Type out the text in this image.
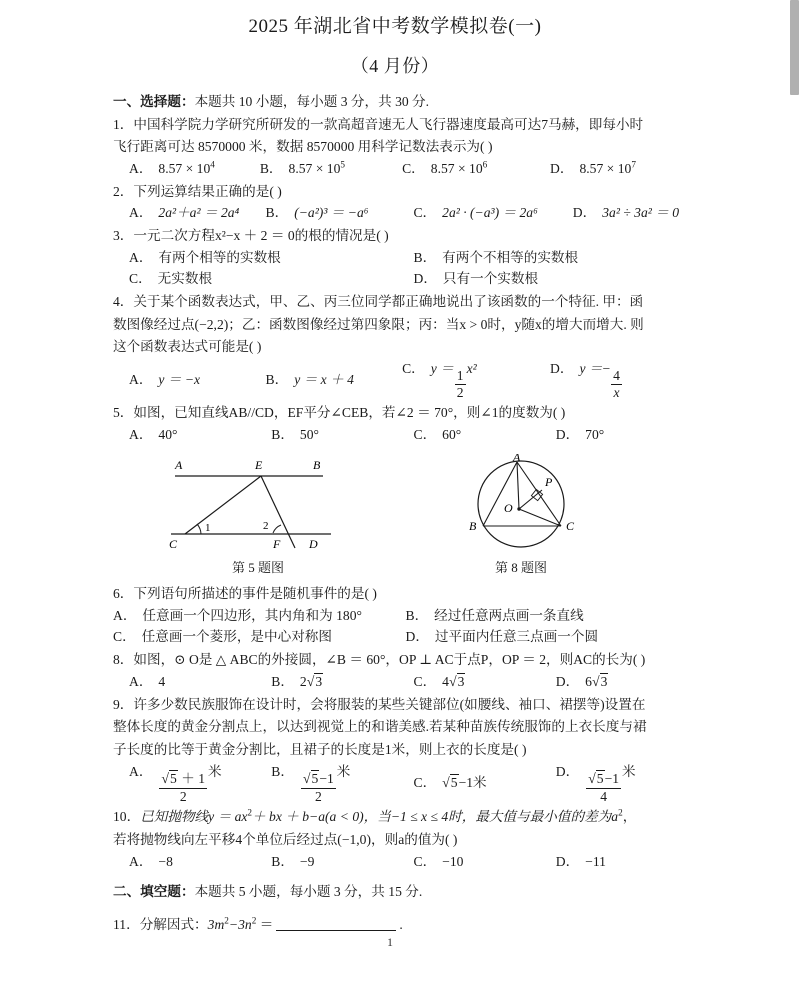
2025 年湖北省中考数学模拟卷(一)
（4 月份）
一、选择题：本题共 10 小题，每小题 3 分，共 30 分.
1．中国科学院力学研究所研发的一款高超音速无人飞行器速度最高可达7马赫，即每小时
飞行距离可达 8570000 米，数据 8570000 用科学记数法表示为( )
A． $8.57 \times 10^4$	B． $8.57 \times 10^5$	C． $8.57 \times 10^6$	D． $8.57 \times 10^7$
2．下列运算结果正确的是( )
A． 2a²＋a² ＝ 2a⁴	B． (−a²)³ ＝ −a⁶	C． 2a² · (−a³) ＝ 2a⁶	D． 3a² ÷ 3a² ＝ 0
3．一元二次方程x²−x ＋ 2 ＝ 0的根的情况是( )
A． 有两个相等的实数根	B． 有两个不相等的实数根
C． 无实数根	D． 只有一个实数根
4．关于某个函数表达式，甲、乙、丙三位同学都正确地说出了该函数的一个特征. 甲：函
数图像经过点(−2,2)；乙：函数图像经过第四象限；丙：当x > 0时，y随x的增大而增大. 则
这个函数表达式可能是( )
A． y ＝ −x	B． y ＝ x ＋ 4
C． $y = \frac{1}{2} x^2$	D． $y =- \frac{4}{x}$
5．如图，已知直线AB//CD，EF平分∠CEB，若∠2 ＝ 70°，则∠1的度数为( )
A． 40°	B． 50°	C． 60°	D． 70°
A	E	B
C	F D
1	2
第 5 题图
A
B	C
O
P
第 8 题图
6．下列语句所描述的事件是随机事件的是( )
A． 任意画一个四边形，其内角和为 180°	B． 经过任意两点画一条直线
C． 任意画一个菱形，是中心对称图	D． 过平面内任意三点画一个圆
8．如图，⊙ O是 △ ABC的外接圆，∠B ＝ 60°，OP ⊥ AC于点P，OP ＝ 2，则AC的长为( )
A． 4	B． 2√3	C． 4√3	D． 6√3
9．许多少数民族服饰在设计时，会将服装的某些关键部位(如腰线、袖口、裙摆等)设置在
整体长度的黄金分割点上，以达到视觉上的和谐美感.若某种苗族传统服饰的上衣长度与裙
子长度的比等于黄金分割比，且裙子的长度是1米，则上衣的长度是( )
A． $\frac{√5 + 1}{2}$ 米	B． $\frac{√5-1}{2}$ 米
C． √5−1米
D． $\frac{√5-1}{4}$ 米
10．已知抛物线$y = ax^2+$ bx ＋ b−a(a < 0)，当−1 ≤ x ≤ 4时，最大值与最小值的差为$a^2$，
若将抛物线向左平移4个单位后经过点(−1,0)，则a的值为( )
A． −8	B． −9	C． −10	D． −11
二、填空题：本题共 5 小题，每小题 3 分，共 15 分.
11．分解因式：$3m^2-3n^2$ ＝	.
1
